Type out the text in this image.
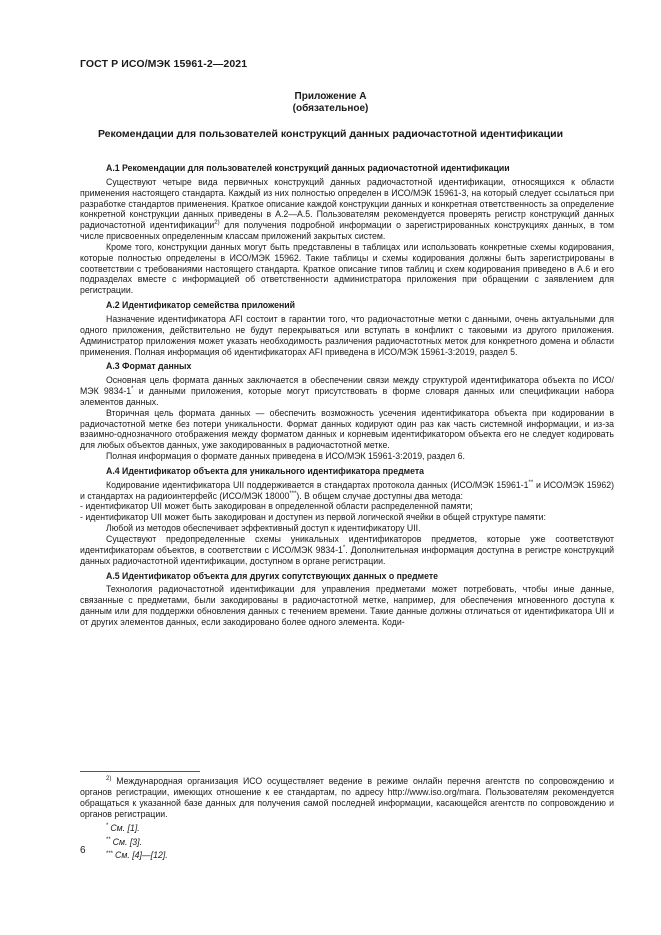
ГОСТ Р ИСО/МЭК 15961-2—2021
Приложение А
(обязательное)
Рекомендации для пользователей конструкций данных радиочастотной идентификации
А.1 Рекомендации для пользователей конструкций данных радиочастотной идентификации

Существуют четыре вида первичных конструкций данных радиочастотной идентификации, относящихся к области применения настоящего стандарта. Каждый из них полностью определен в ИСО/МЭК 15961-3, на который следует ссылаться при разработке стандартов применения. Краткое описание каждой конструкции данных и конкретная ответственность за определение конкретной конструкции данных приведены в А.2—А.5. Пользователям рекомендуется проверять регистр конструкций данных радиочастотной идентификации$^{2)}$ для получения подробной информации о зарегистрированных конструкциях данных, в том числе присвоенных определенным классам приложений закрытых систем.

Кроме того, конструкции данных могут быть представлены в таблицах или использовать конкретные схемы кодирования, которые полностью определены в ИСО/МЭК 15962. Такие таблицы и схемы кодирования должны быть зарегистрированы в соответствии с требованиями настоящего стандарта. Краткое описание типов таблиц и схем кодирования приведено в А.6 и его подразделах вместе с информацией об ответственности администратора приложения при обращении с заявлением для регистрации.

А.2 Идентификатор семейства приложений

Назначение идентификатора AFI состоит в гарантии того, что радиочастотные метки с данными, очень актуальными для одного приложения, действительно не будут перекрываться или вступать в конфликт с таковыми из другого приложения. Администратор приложения может указать необходимость различения радиочастотных меток для конкретного домена и области применения. Полная информация об идентификаторах AFI приведена в ИСО/МЭК 15961-3:2019, раздел 5.

А.3 Формат данных

Основная цель формата данных заключается в обеспечении связи между структурой идентификатора объекта по ИСО/МЭК 9834-1* и данными приложения, которые могут присутствовать в форме словаря данных или спецификации набора элементов данных.

Вторичная цель формата данных — обеспечить возможность усечения идентификатора объекта при кодировании в радиочастотной метке без потери уникальности. Формат данных кодируют один раз как часть системной информации, и из-за взаимно-однозначного отображения между форматом данных и корневым идентификатором объекта его не следует кодировать для любых объектов данных, уже закодированных в радиочастотной метке.

Полная информация о формате данных приведена в ИСО/МЭК 15961-3:2019, раздел 6.

А.4 Идентификатор объекта для уникального идентификатора предмета

Кодирование идентификатора UII поддерживается в стандартах протокола данных (ИСО/МЭК 15961-1** и ИСО/МЭК 15962) и стандартах на радиоинтерфейс (ИСО/МЭК 18000***). В общем случае доступны два метода:

- идентификатор UII может быть закодирован в определенной области распределенной памяти;

- идентификатор UII может быть закодирован и доступен из первой логической ячейки в общей структуре памяти:

Любой из методов обеспечивает эффективный доступ к идентификатору UII.

Существуют предопределенные схемы уникальных идентификаторов предметов, которые уже соответствуют идентификаторам объектов, в соответствии с ИСО/МЭК 9834-1*. Дополнительная информация доступна в регистре конструкций данных радиочастотной идентификации, доступном в органе регистрации.

А.5 Идентификатор объекта для других сопутствующих данных о предмете

Технология радиочастотной идентификации для управления предметами может потребовать, чтобы иные данные, связанные с предметами, были закодированы в радиочастотной метке, например, для обеспечения мгновенного доступа к данным или для поддержки обновления данных с течением времени. Такие данные должны отличаться от идентификатора UII и от других элементов данных, если закодировано более одного элемента. Коди-

$^{2)}$ Международная организация ИСО осуществляет ведение в режиме онлайн перечня агентств по сопровождению и органов регистрации, имеющих отношение к ее стандартам, по адресу http://www.iso.org/mara. Пользователям рекомендуется обращаться к указанной базе данных для получения самой последней информации, касающейся агентств по сопровождению и органов регистрации.

* См. [1].
** См. [3].
*** См. [4]—[12].
6
